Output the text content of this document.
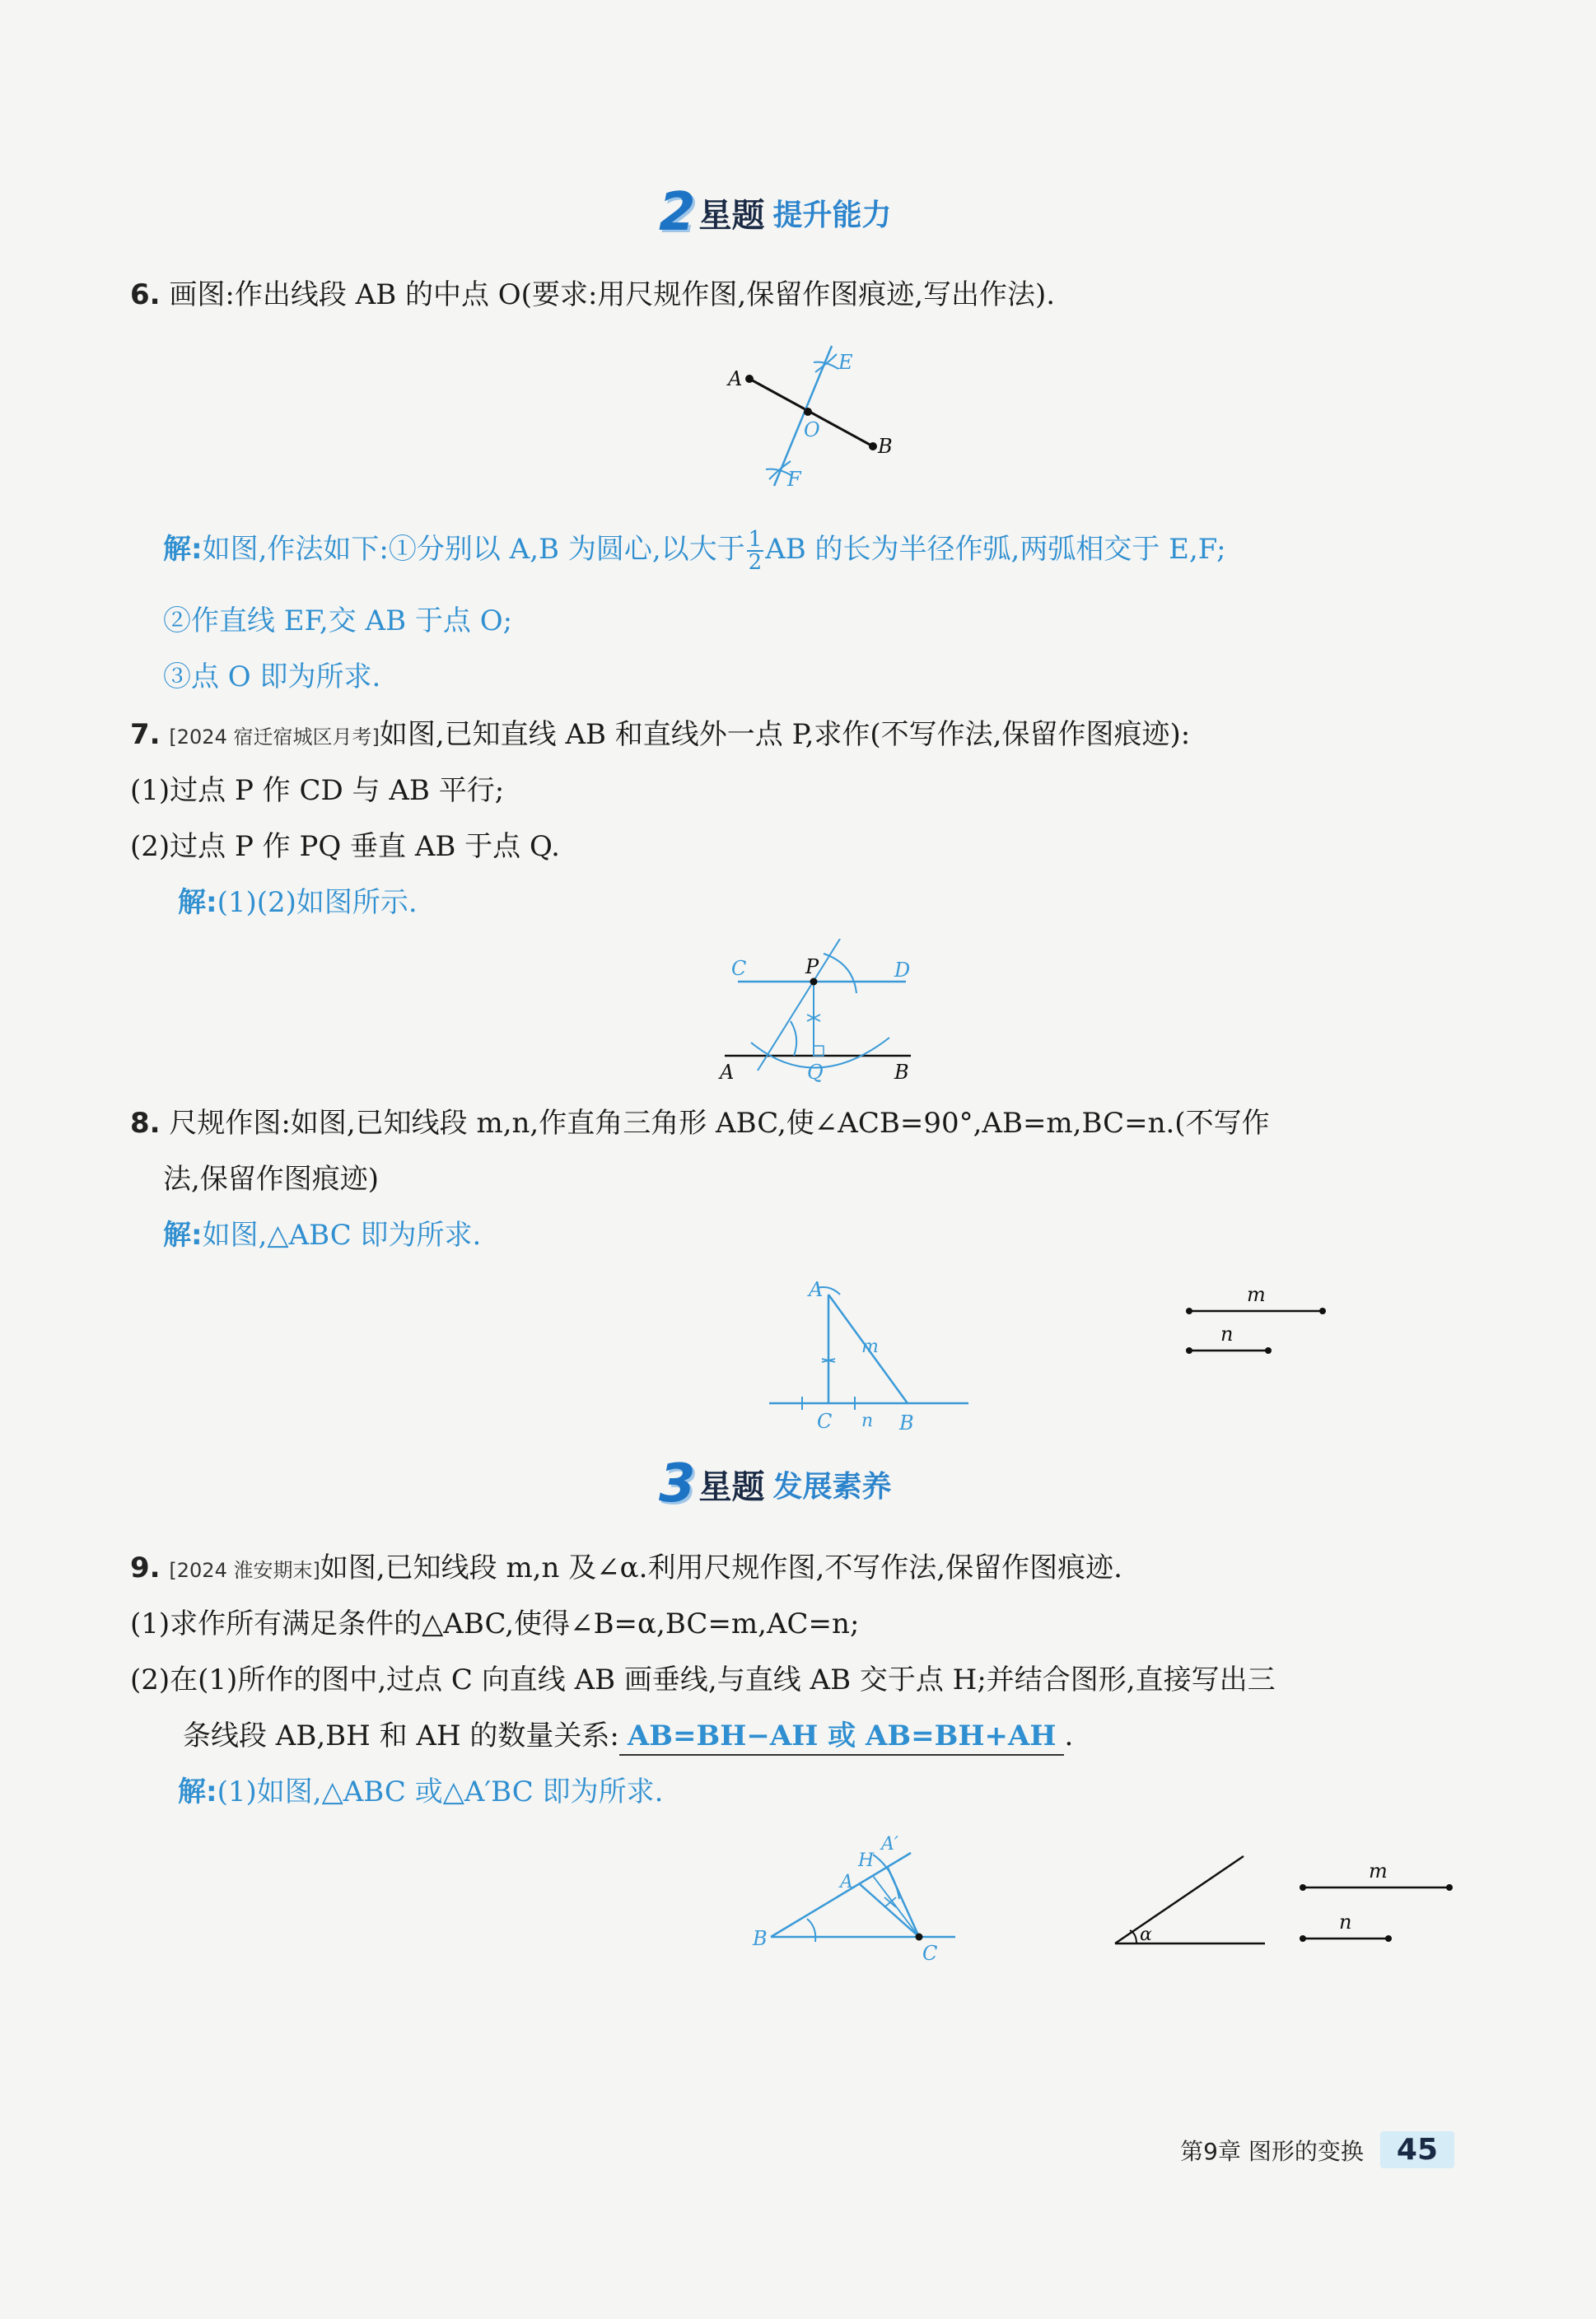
2 星题 提升能力
6. 画图:作出线段 AB 的中点 O(要求:用尺规作图,保留作图痕迹,写出作法).
A
B
O
E
F
解:如图,作法如下:①分别以 A,B 为圆心,以大于 $\frac{1}{2}$ AB 的长为半径作弧,两弧相交于 E,F;
②作直线 EF,交 AB 于点 O;
③点 O 即为所求.
7. [2024 宿迁宿城区月考]如图,已知直线 AB 和直线外一点 P,求作(不写作法,保留作图痕迹):
(1)过点 P 作 CD 与 AB 平行;
(2)过点 P 作 PQ 垂直 AB 于点 Q.
解:(1)(2)如图所示.
C	P	D
A	Q	B
8. 尺规作图:如图,已知线段 m,n,作直角三角形 ABC,使∠ACB=90°,AB=m,BC=n.(不写作
法,保留作图痕迹)
解:如图,△ABC 即为所求.
A
m
C n B
m
n
3 星题 发展素养
9. [2024 淮安期末]如图,已知线段 m,n 及∠α.利用尺规作图,不写作法,保留作图痕迹.
(1)求作所有满足条件的△ABC,使得∠B=α,BC=m,AC=n;
(2)在(1)所作的图中,过点 C 向直线 AB 画垂线,与直线 AB 交于点 H;并结合图形,直接写出三
条线段 AB,BH 和 AH 的数量关系: AB=BH−AH 或 AB=BH+AH .
解:(1)如图,△ABC 或△A′BC 即为所求.
A′
H
A
B
C
α
m
n
第9章 图形的变换	45
